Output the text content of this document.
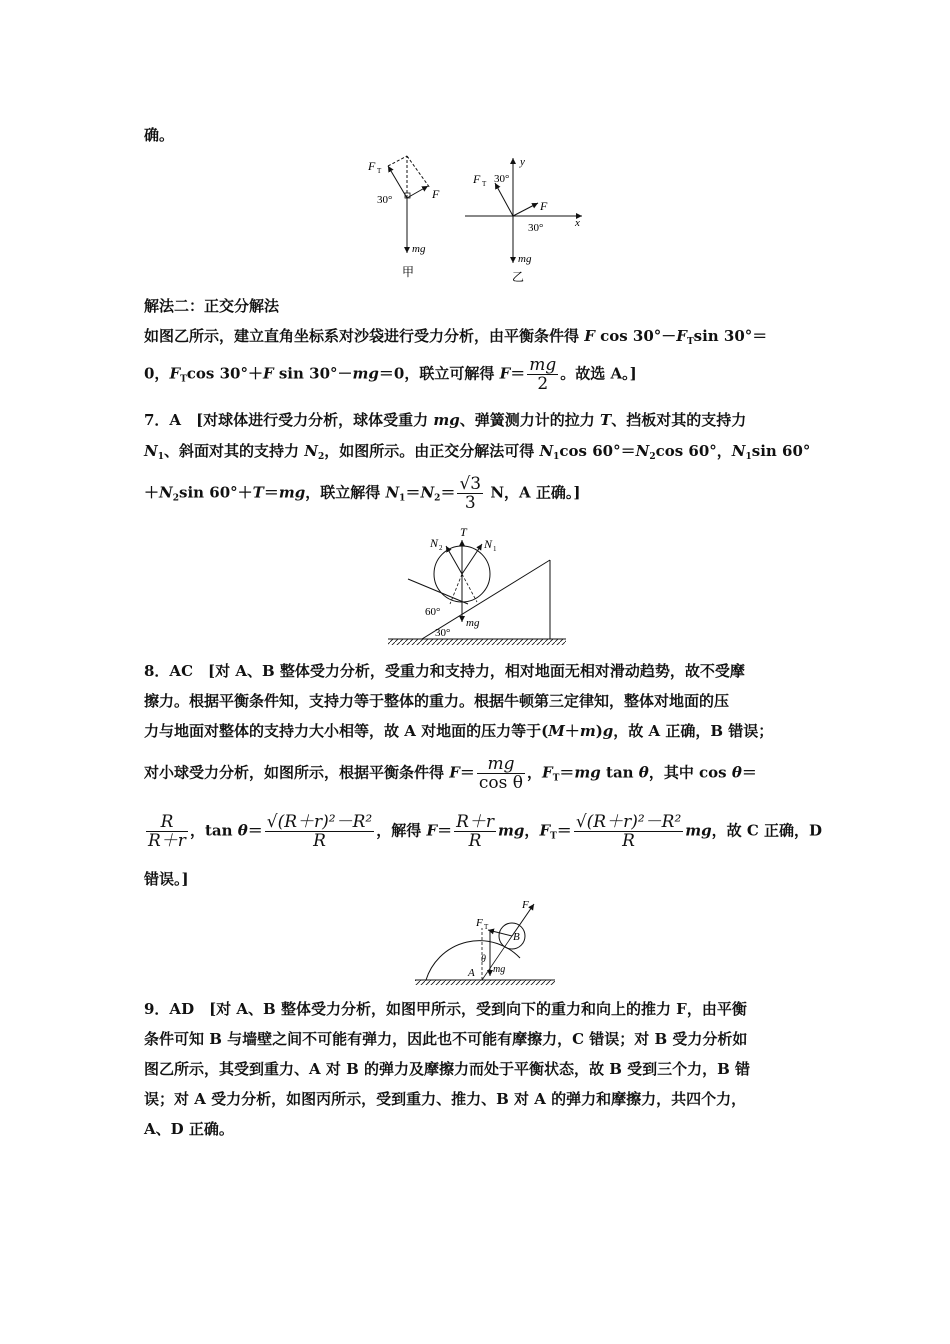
确。
F T
30°	F
mg
甲
F T 30°
y
F
30°	x
mg
乙
解法二：正交分解法
如图乙所示，建立直角坐标系对沙袋进行受力分析，由平衡条件得 F $\cos 30^\circ-F_T\sin$ 30°＝
0，$F_T\cos$ 30°＋F sin 30°－mg＝0，联立可解得 $F= \frac{mg}{2}$ 。故选 A。]
7．A　[对球体进行受力分析，球体受重力 mg、弹簧测力计的拉力 T、挡板对其的支持力
$N_1$、斜面对其的支持力 $N_2$，如图所示。由正交分解法可得 $N_1\cos$ $60^\circ=N_2\cos$ 60°，$N_1\sin$ 60°
$+N_2\sin$ 60°＋T＝mg，联立解得 $N_1=N_2= \frac{√3}{3}$ N，A 正确。]
T
N 2	N 1
60°
mg
30°
8．AC　[对 A、B 整体受力分析，受重力和支持力，相对地面无相对滑动趋势，故不受摩
擦力。根据平衡条件知，支持力等于整体的重力。根据牛顿第三定律知，整体对地面的压
力与地面对整体的支持力大小相等，故 A 对地面的压力等于(M＋m)g，故 A 正确，B 错误；
对小球受力分析，如图所示，根据平衡条件得 $F= \frac{mg}{\text{cos θ}}$ ，$F_T=mg$ tan θ，其中 cos θ＝
$\frac{R}{R+r}$ ，$\tan \theta= \frac{\text{√(R＋r)²－R²}}{R}$ ，解得 $F= \frac{R+r}{R}$ mg，$F_T= \frac{\text{√(R＋r)²－R²}}{R}$ mg，故 C 正确，D
错误。]
F
F T
B
A
θ
mg
9．AD　[对 A、B 整体受力分析，如图甲所示，受到向下的重力和向上的推力 F，由平衡
条件可知 B 与墙壁之间不可能有弹力，因此也不可能有摩擦力，C 错误；对 B 受力分析如
图乙所示，其受到重力、A 对 B 的弹力及摩擦力而处于平衡状态，故 B 受到三个力，B 错
误；对 A 受力分析，如图丙所示，受到重力、推力、B 对 A 的弹力和摩擦力，共四个力，
A、D 正确。
